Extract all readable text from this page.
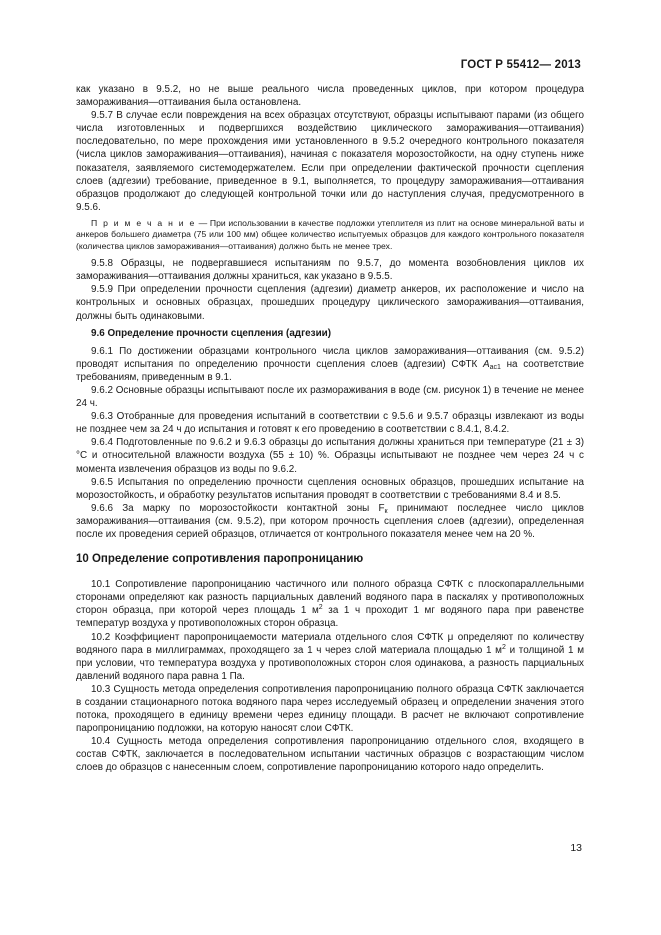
ГОСТ Р 55412— 2013

как указано в 9.5.2, но не выше реального числа проведенных циклов, при котором процедура замораживания—оттаивания была остановлена.

9.5.7 В случае если повреждения на всех образцах отсутствуют, образцы испытывают парами (из общего числа изготовленных и подвергшихся воздействию циклического замораживания—оттаивания) последовательно, по мере прохождения ими установленного в 9.5.2 очередного контрольного показателя (числа циклов замораживания—оттаивания), начиная с показателя морозостойкости, на одну ступень ниже показателя, заявляемого системодержателем. Если при определении фактической прочности сцепления слоев (адгезии) требование, приведенное в 9.1, выполняется, то процедуру замораживания—оттаивания образцов продолжают до следующей контрольной точки или до наступления случая, предусмотренного в 9.5.6.

П р и м е ч а н и е — При использовании в качестве подложки утеплителя из плит на основе минеральной ваты и анкеров большего диаметра (75 или 100 мм) общее количество испытуемых образцов для каждого контрольного показателя (количества циклов замораживания—оттаивания) должно быть не менее трех.

9.5.8 Образцы, не подвергавшиеся испытаниям по 9.5.7, до момента возобновления циклов их замораживания—оттаивания должны храниться, как указано в 9.5.5.

9.5.9 При определении прочности сцепления (адгезии) диаметр анкеров, их расположение и число на контрольных и основных образцах, прошедших процедуру циклического замораживания—оттаивания, должны быть одинаковыми.

9.6 Определение прочности сцепления (адгезии)

9.6.1 По достижении образцами контрольного числа циклов замораживания—оттаивания (см. 9.5.2) проводят испытания по определению прочности сцепления слоев (адгезии) СФТК $A_{ас1}$ на соответствие требованиям, приведенным в 9.1.

9.6.2 Основные образцы испытывают после их размораживания в воде (см. рисунок 1) в течение не менее 24 ч.

9.6.3 Отобранные для проведения испытаний в соответствии с 9.5.6 и 9.5.7 образцы извлекают из воды не позднее чем за 24 ч до испытания и готовят к его проведению в соответствии с 8.4.1, 8.4.2.

9.6.4 Подготовленные по 9.6.2 и 9.6.3 образцы до испытания должны храниться при температуре (21 ± 3) °С и относительной влажности воздуха (55 ± 10) %. Образцы испытывают не позднее чем через 24 ч с момента извлечения образцов из воды по 9.6.2.

9.6.5 Испытания по определению прочности сцепления основных образцов, прошедших испытание на морозостойкость, и обработку результатов испытания проводят в соответствии с требованиями 8.4 и 8.5.

9.6.6 За марку по морозостойкости контактной зоны $F_к$ принимают последнее число циклов замораживания—оттаивания (см. 9.5.2), при котором прочность сцепления слоев (адгезии), определенная после их проведения серией образцов, отличается от контрольного показателя менее чем на 20 %.

10 Определение сопротивления паропроницанию

10.1 Сопротивление паропроницанию частичного или полного образца СФТК с плоскопараллельными сторонами определяют как разность парциальных давлений водяного пара в паскалях у противоположных сторон образца, при которой через площадь 1 $м^2$ за 1 ч проходит 1 мг водяного пара при равенстве температур воздуха у противоположных сторон образца.

10.2 Коэффициент паропроницаемости материала отдельного слоя СФТК μ определяют по количеству водяного пара в миллиграммах, проходящего за 1 ч через слой материала площадью 1 $м^2$ и толщиной 1 м при условии, что температура воздуха у противоположных сторон слоя одинакова, а разность парциальных давлений водяного пара равна 1 Па.

10.3 Сущность метода определения сопротивления паропроницанию полного образца СФТК заключается в создании стационарного потока водяного пара через исследуемый образец и определении значения этого потока, проходящего в единицу времени через единицу площади. В расчет не включают сопротивление паропроницанию подложки, на которую наносят слои СФТК.

10.4 Сущность метода определения сопротивления паропроницанию отдельного слоя, входящего в состав СФТК, заключается в последовательном испытании частичных образцов с возрастающим числом слоев до образцов с нанесенным слоем, сопротивление паропроницанию которого надо определить.

13
